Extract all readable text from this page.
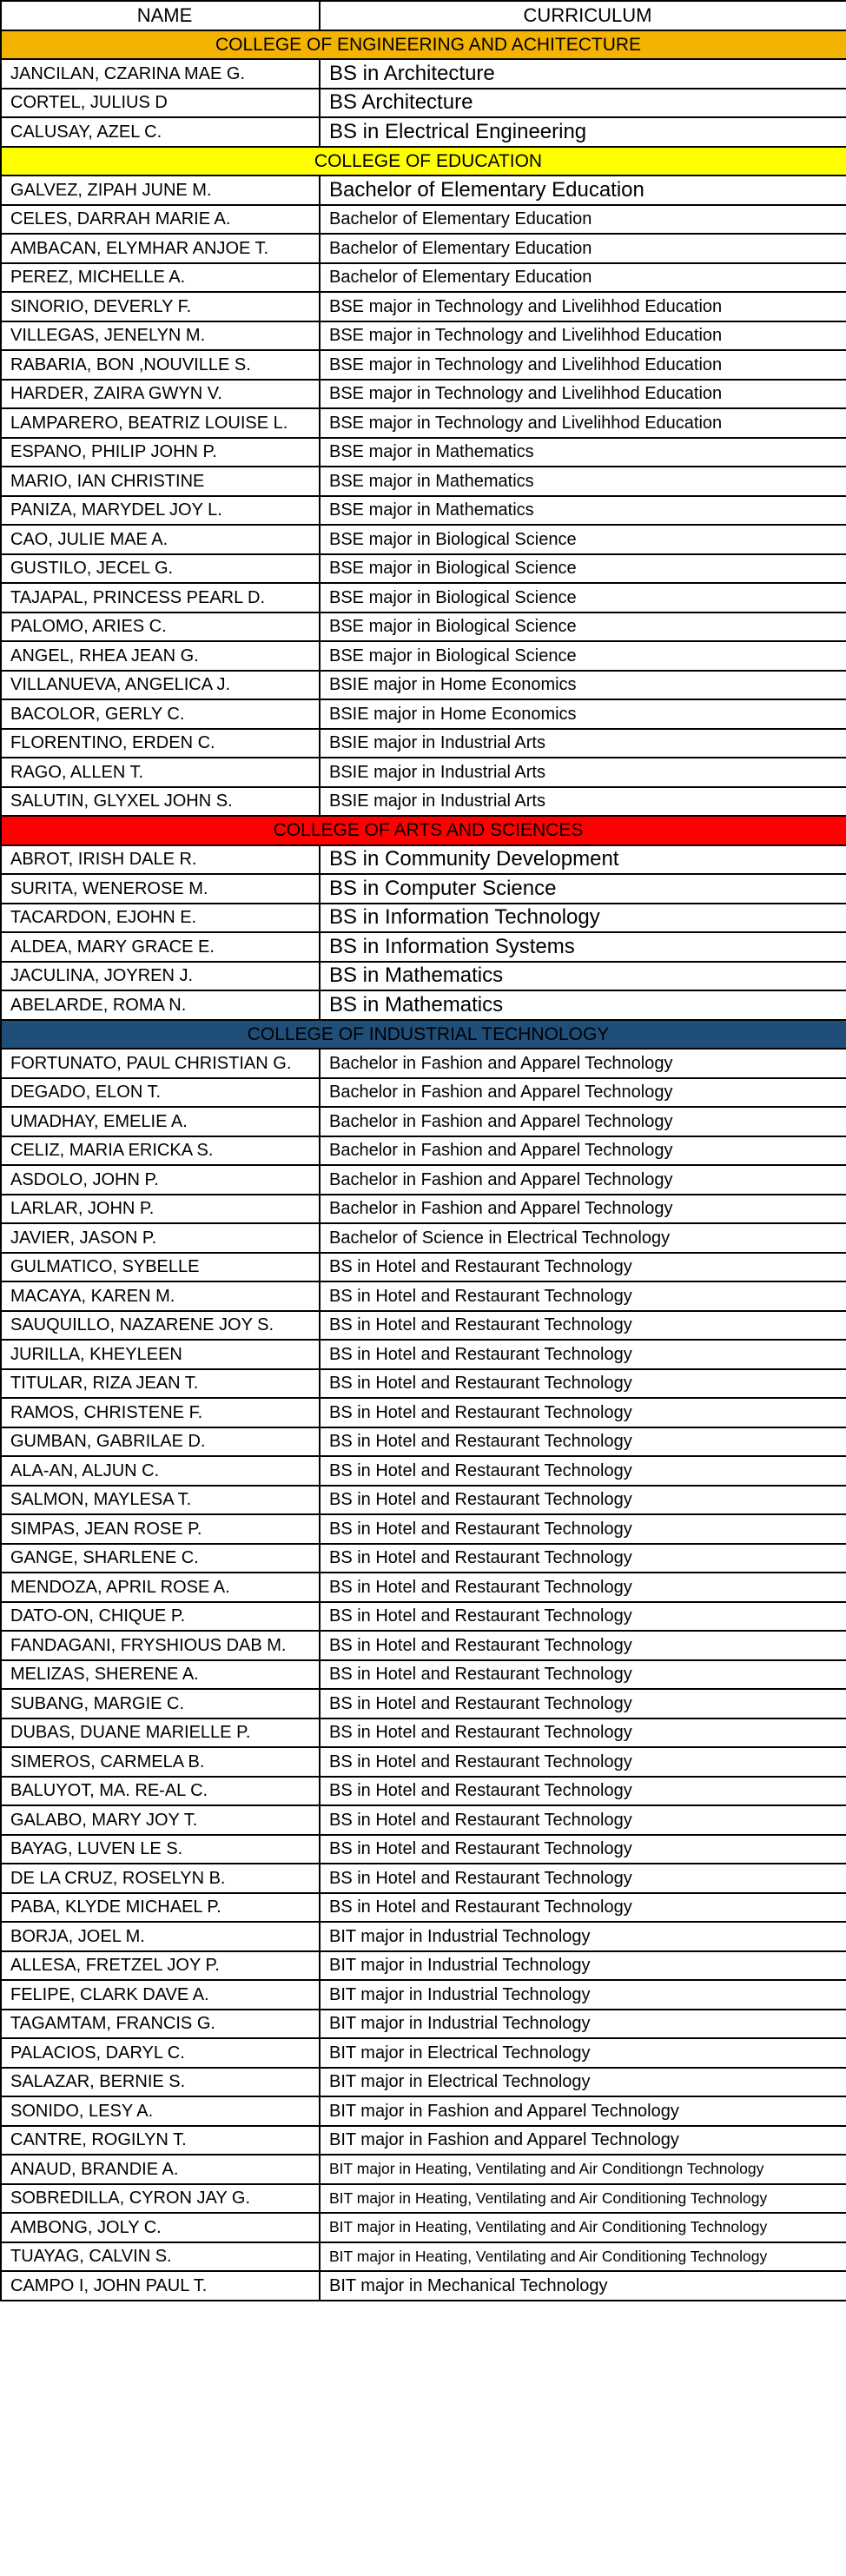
NAME	CURRICULUM
COLLEGE OF ENGINEERING AND ACHITECTURE	
JANCILAN, CZARINA MAE G.	BS in Architecture
CORTEL, JULIUS D	BS Architecture
CALUSAY, AZEL C.	BS in Electrical Engineering
COLLEGE OF EDUCATION	
GALVEZ, ZIPAH JUNE M.	Bachelor of Elementary Education
CELES, DARRAH MARIE A.	Bachelor of Elementary Education
AMBACAN, ELYMHAR ANJOE T.	Bachelor of Elementary Education
PEREZ, MICHELLE A.	Bachelor of Elementary Education
SINORIO, DEVERLY F.	BSE major in Technology and Livelihhod Education
VILLEGAS, JENELYN M.	BSE major in Technology and Livelihhod Education
RABARIA, BON ,NOUVILLE S.	BSE major in Technology and Livelihhod Education
HARDER, ZAIRA GWYN V.	BSE major in Technology and Livelihhod Education
LAMPARERO, BEATRIZ LOUISE L.	BSE major in Technology and Livelihhod Education
ESPANO, PHILIP JOHN P.	BSE major in Mathematics
MARIO, IAN CHRISTINE	BSE major in Mathematics
PANIZA, MARYDEL JOY L.	BSE major in Mathematics
CAO, JULIE MAE A.	BSE major in Biological Science
GUSTILO, JECEL G.	BSE major in Biological Science
TAJAPAL, PRINCESS PEARL D.	BSE major in Biological Science
PALOMO, ARIES C.	BSE major in Biological Science
ANGEL, RHEA JEAN G.	BSE major in Biological Science
VILLANUEVA, ANGELICA J.	BSIE major in Home Economics
BACOLOR, GERLY C.	BSIE major in Home Economics
FLORENTINO, ERDEN C.	BSIE major in Industrial Arts
RAGO, ALLEN T.	BSIE major in Industrial Arts
SALUTIN, GLYXEL JOHN S.	BSIE major in Industrial Arts
COLLEGE OF ARTS AND SCIENCES	
ABROT, IRISH DALE R.	BS in Community Development
SURITA, WENEROSE M.	BS in Computer Science
TACARDON, EJOHN E.	BS in Information Technology
ALDEA, MARY GRACE E.	BS in Information Systems
JACULINA, JOYREN J.	BS in Mathematics
ABELARDE, ROMA N.	BS in Mathematics
COLLEGE OF INDUSTRIAL TECHNOLOGY	
FORTUNATO, PAUL CHRISTIAN G.	Bachelor in Fashion and Apparel Technology
DEGADO, ELON T.	Bachelor in Fashion and Apparel Technology
UMADHAY, EMELIE A.	Bachelor in Fashion and Apparel Technology
CELIZ, MARIA ERICKA S.	Bachelor in Fashion and Apparel Technology
ASDOLO, JOHN P.	Bachelor in Fashion and Apparel Technology
LARLAR, JOHN P.	Bachelor in Fashion and Apparel Technology
JAVIER, JASON P.	Bachelor of Science in Electrical Technology
GULMATICO, SYBELLE	BS in Hotel and Restaurant Technology
MACAYA, KAREN M.	BS in Hotel and Restaurant Technology
SAUQUILLO, NAZARENE JOY S.	BS in Hotel and Restaurant Technology
JURILLA, KHEYLEEN	BS in Hotel and Restaurant Technology
TITULAR, RIZA JEAN T.	BS in Hotel and Restaurant Technology
RAMOS, CHRISTENE F.	BS in Hotel and Restaurant Technology
GUMBAN, GABRILAE D.	BS in Hotel and Restaurant Technology
ALA-AN, ALJUN C.	BS in Hotel and Restaurant Technology
SALMON, MAYLESA T.	BS in Hotel and Restaurant Technology
SIMPAS, JEAN ROSE P.	BS in Hotel and Restaurant Technology
GANGE, SHARLENE C.	BS in Hotel and Restaurant Technology
MENDOZA, APRIL ROSE A.	BS in Hotel and Restaurant Technology
DATO-ON, CHIQUE P.	BS in Hotel and Restaurant Technology
FANDAGANI, FRYSHIOUS DAB M.	BS in Hotel and Restaurant Technology
MELIZAS, SHERENE A.	BS in Hotel and Restaurant Technology
SUBANG, MARGIE C.	BS in Hotel and Restaurant Technology
DUBAS, DUANE MARIELLE P.	BS in Hotel and Restaurant Technology
SIMEROS, CARMELA B.	BS in Hotel and Restaurant Technology
BALUYOT, MA. RE-AL C.	BS in Hotel and Restaurant Technology
GALABO, MARY JOY T.	BS in Hotel and Restaurant Technology
BAYAG, LUVEN LE S.	BS in Hotel and Restaurant Technology
DE LA CRUZ, ROSELYN B.	BS in Hotel and Restaurant Technology
PABA, KLYDE MICHAEL P.	BS in Hotel and Restaurant Technology
BORJA, JOEL M.	BIT major in Industrial Technology
ALLESA, FRETZEL JOY P.	BIT major in Industrial Technology
FELIPE, CLARK DAVE A.	BIT major in Industrial Technology
TAGAMTAM, FRANCIS G.	BIT major in Industrial Technology
PALACIOS, DARYL C.	BIT major in Electrical Technology
SALAZAR, BERNIE S.	BIT major in Electrical Technology
SONIDO, LESY A.	BIT major in Fashion and Apparel Technology
CANTRE, ROGILYN T.	BIT major in Fashion and Apparel Technology
ANAUD, BRANDIE A.	BIT major in Heating, Ventilating and Air Conditiongn Technology
SOBREDILLA, CYRON JAY G.	BIT major in Heating, Ventilating and Air Conditioning Technology
AMBONG, JOLY C.	BIT major in Heating, Ventilating and Air Conditioning Technology
TUAYAG, CALVIN S.	BIT major in Heating, Ventilating and Air Conditioning Technology
CAMPO I, JOHN PAUL T.	BIT major in Mechanical Technology
